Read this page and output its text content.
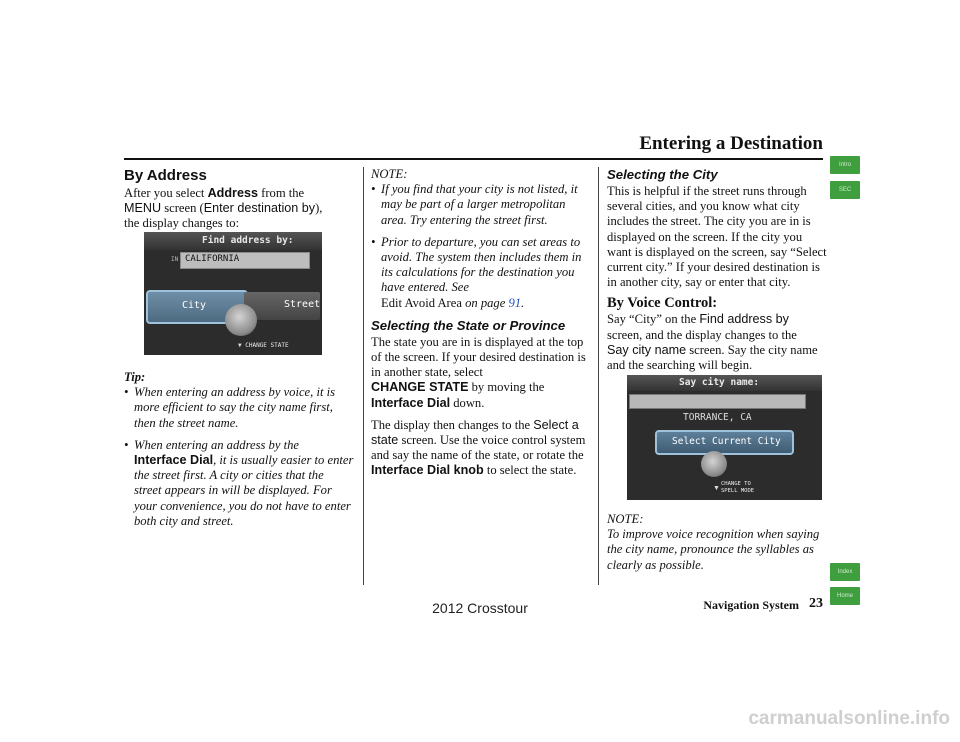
Entering a Destination
Intro
SEC
Index
Home
By Address
After you select Address from the
MENU screen (Enter destination by),
the display changes to:
Find address by:
IN CALIFORNIA
City	Street
▼ CHANGE STATE
Tip:
• When entering an address by voice, it is more efficient to say the city name first, then the street name.
• When entering an address by the
Interface Dial, it is usually easier to enter the street first. A city or cities that the street appears in will be displayed. For your convenience, you do not have to enter both city and street.
NOTE:
• If you find that your city is not listed, it may be part of a larger metropolitan area. Try entering the street first.
• Prior to departure, you can set areas to avoid. The system then includes them in its calculations for the destination you have entered. See
Edit Avoid Area on page 91.
Selecting the State or Province
The state you are in is displayed at the top of the screen. If your desired destination is in another state, select
CHANGE STATE by moving the
Interface Dial down.
The display then changes to the Select a state screen. Use the voice control system and say the name of the state, or rotate the Interface Dial knob to select the state.
Selecting the City
This is helpful if the street runs through several cities, and you know what city includes the street. The city you are in is displayed on the screen. If the city you want is displayed on the screen, say “Select current city.” If your desired destination is in another city, say or enter that city.
By Voice Control:
Say “City” on the Find address by
screen, and the display changes to the
Say city name screen. Say the city name and the searching will begin.
Say city name:
TORRANCE, CA
Select Current City
▼ CHANGE TO
SPELL MODE
NOTE:
To improve voice recognition when saying the city name, pronounce the syllables as clearly as possible.
Navigation System 23
2012 Crosstour
carmanualsonline.info
